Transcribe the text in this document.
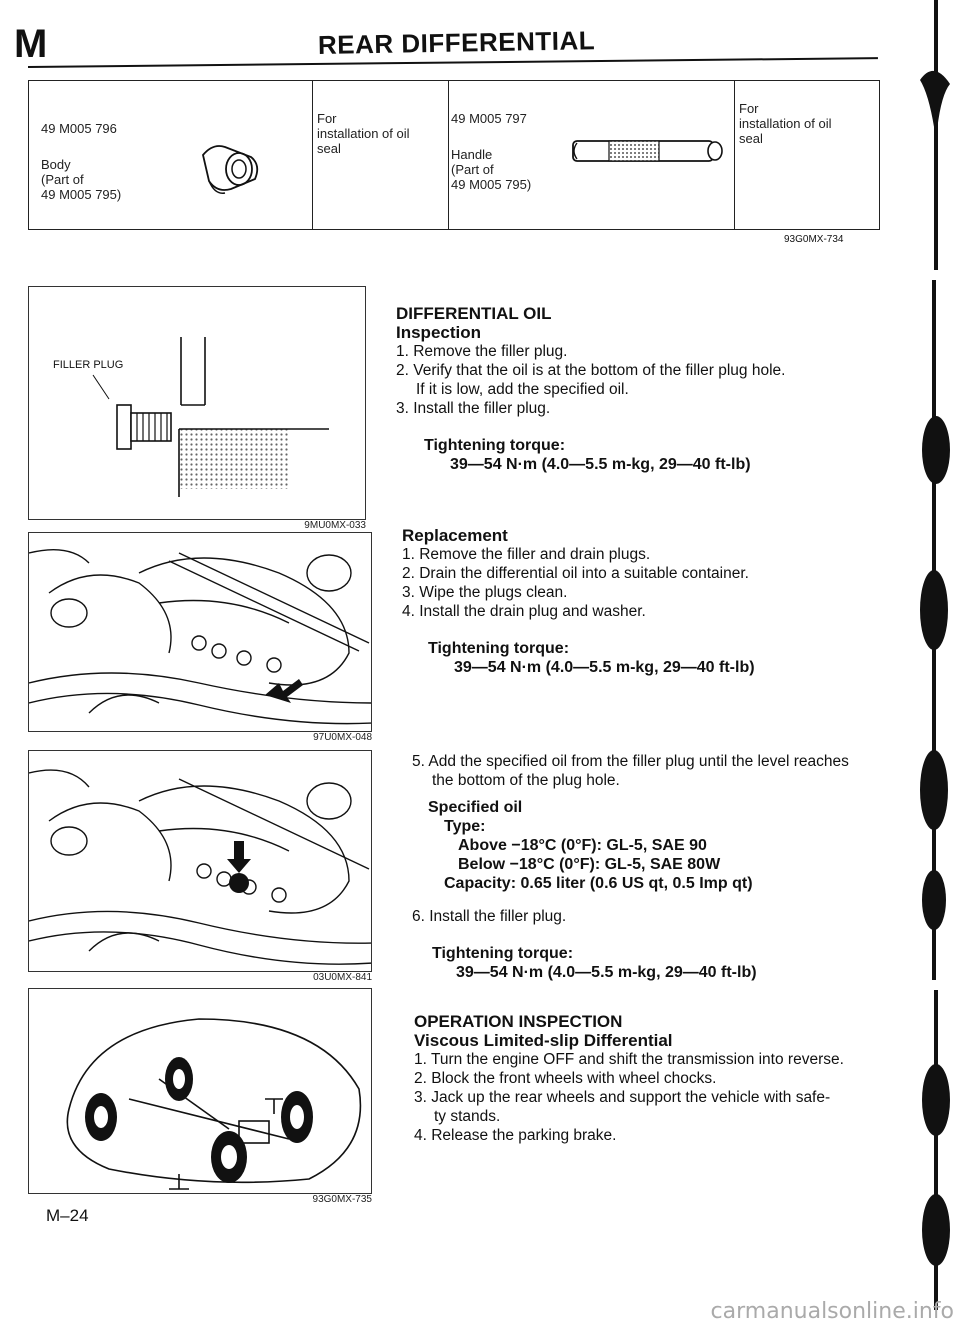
M	REAR DIFFERENTIAL
49 M005 796
Body
(Part of
49 M005 795)
For
installation of oil
seal
49 M005 797
Handle
(Part of
49 M005 795)
For
installation of oil
seal
93G0MX-734
FILLER PLUG
9MU0MX-033
97U0MX-048
03U0MX-841
93G0MX-735
DIFFERENTIAL OIL
Inspection
1. Remove the filler plug.
2. Verify that the oil is at the bottom of the filler plug hole.
If it is low, add the specified oil.
3. Install the filler plug.
Tightening torque:
39—54 N·m (4.0—5.5 m-kg, 29—40 ft-lb)
Replacement
1. Remove the filler and drain plugs.
2. Drain the differential oil into a suitable container.
3. Wipe the plugs clean.
4. Install the drain plug and washer.
Tightening torque:
39—54 N·m (4.0—5.5 m-kg, 29—40 ft-lb)
5. Add the specified oil from the filler plug until the level reaches
the bottom of the plug hole.
Specified oil
Type:
Above −18°C (0°F): GL-5, SAE 90
Below −18°C (0°F): GL-5, SAE 80W
Capacity: 0.65 liter (0.6 US qt, 0.5 Imp qt)
6. Install the filler plug.
Tightening torque:
39—54 N·m (4.0—5.5 m-kg, 29—40 ft-lb)
OPERATION INSPECTION
Viscous Limited-slip Differential
1. Turn the engine OFF and shift the transmission into reverse.
2. Block the front wheels with wheel chocks.
3. Jack up the rear wheels and support the vehicle with safe-
ty stands.
4. Release the parking brake.
M–24
carmanualsonline.info
